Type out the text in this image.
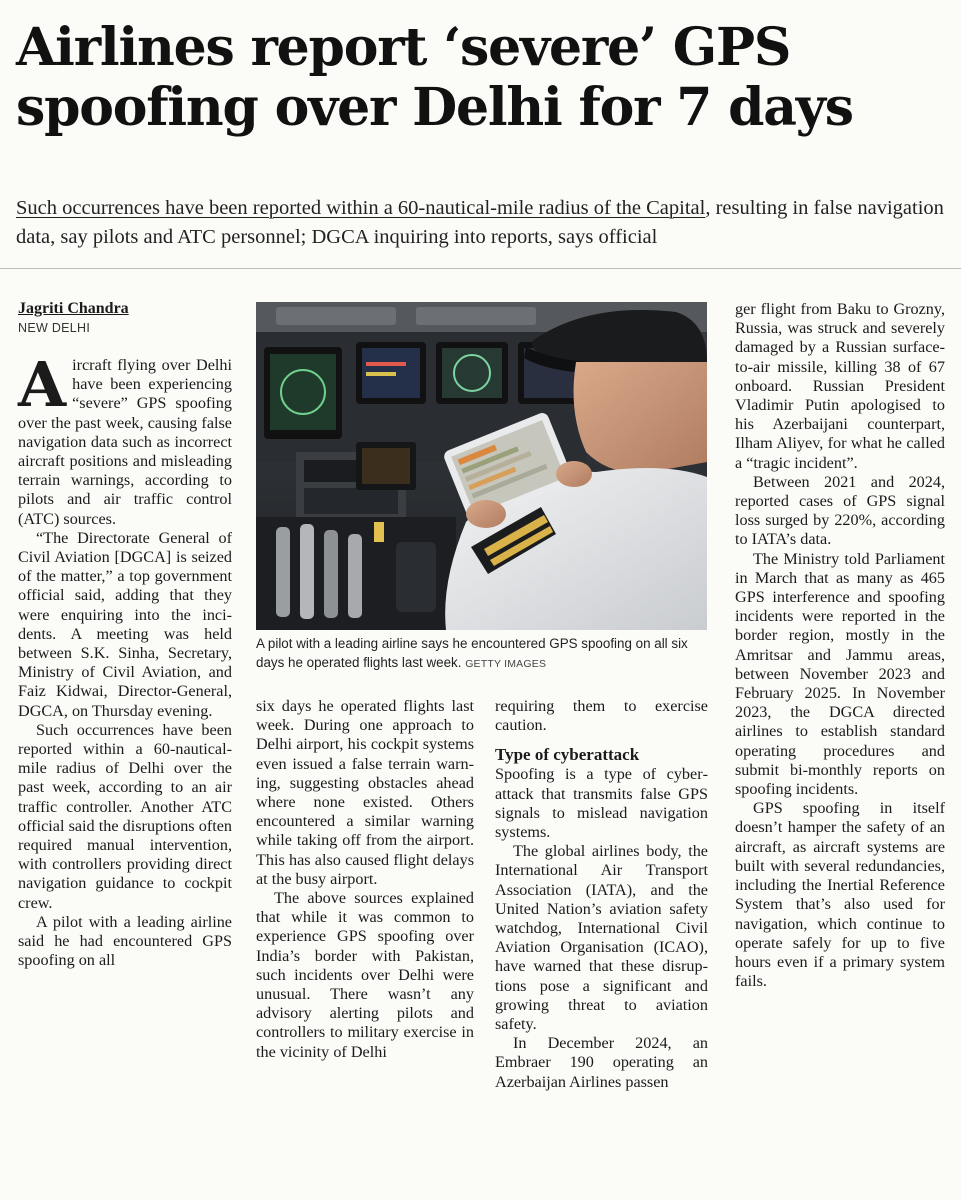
Airlines report ‘severe’ GPS
spoofing over Delhi for 7 days

Such occurrences have been reported within a 60-nautical-mile radius of the Capital, resulting in false navigation data, say pilots and ATC personnel; DGCA inquiring into reports, says official

Jagriti Chandra
NEW DELHI

Aircraft flying over Delhi have been experiencing “severe” GPS spoofing over the past week, causing false navigation data such as incorrect aircraft positions and misleading terrain warnings, according to pilots and air traffic control (ATC) sources.

“The Directorate General of Civil Aviation [DGCA] is seized of the matter,” a top government official said, adding that they were enquiring into the incidents. A meeting was held between S.K. Sinha, Secretary, Ministry of Civil Aviation, and Faiz Kidwai, Director-General, DGCA, on Thursday evening.

Such occurrences have been reported within a 60-nautical-mile radius of Delhi over the past week, according to an air traffic controller. Another ATC official said the disruptions often required manual intervention, with controllers providing direct navigation guidance to cockpit crew.

A pilot with a leading airline said he had encountered GPS spoofing on all

A pilot with a leading airline says he encountered GPS spoofing on all six days he operated flights last week. GETTY IMAGES

six days he operated flights last week. During one approach to Delhi airport, his cockpit systems even issued a false terrain warning, suggesting obstacles ahead where none existed. Others encountered a similar warning while taking off from the airport. This has also caused flight delays at the busy airport.

The above sources explained that while it was common to experience GPS spoofing over India’s border with Pakistan, such incidents over Delhi were unusual. There wasn’t any advisory alerting pilots and controllers to military exercise in the vicinity of Delhi

requiring them to exercise caution.

Type of cyberattack

Spoofing is a type of cyberattack that transmits false GPS signals to mislead navigation systems.

The global airlines body, the International Air Transport Association (IATA), and the United Nation’s aviation safety watchdog, International Civil Aviation Organisation (ICAO), have warned that these disruptions pose a significant and growing threat to aviation safety.

In December 2024, an Embraer 190 operating an Azerbaijan Airlines passen

ger flight from Baku to Grozny, Russia, was struck and severely damaged by a Russian surface-to-air missile, killing 38 of 67 onboard. Russian President Vladimir Putin apologised to his Azerbaijani counterpart, Ilham Aliyev, for what he called a “tragic incident”.

Between 2021 and 2024, reported cases of GPS signal loss surged by 220%, according to IATA’s data.

The Ministry told Parliament in March that as many as 465 GPS interference and spoofing incidents were reported in the border region, mostly in the Amritsar and Jammu areas, between November 2023 and February 2025. In November 2023, the DGCA directed airlines to establish standard operating procedures and submit bi-monthly reports on spoofing incidents.

GPS spoofing in itself doesn’t hamper the safety of an aircraft, as aircraft systems are built with several redundancies, including the Inertial Reference System that’s also used for navigation, which continue to operate safely for up to five hours even if a primary system fails.
